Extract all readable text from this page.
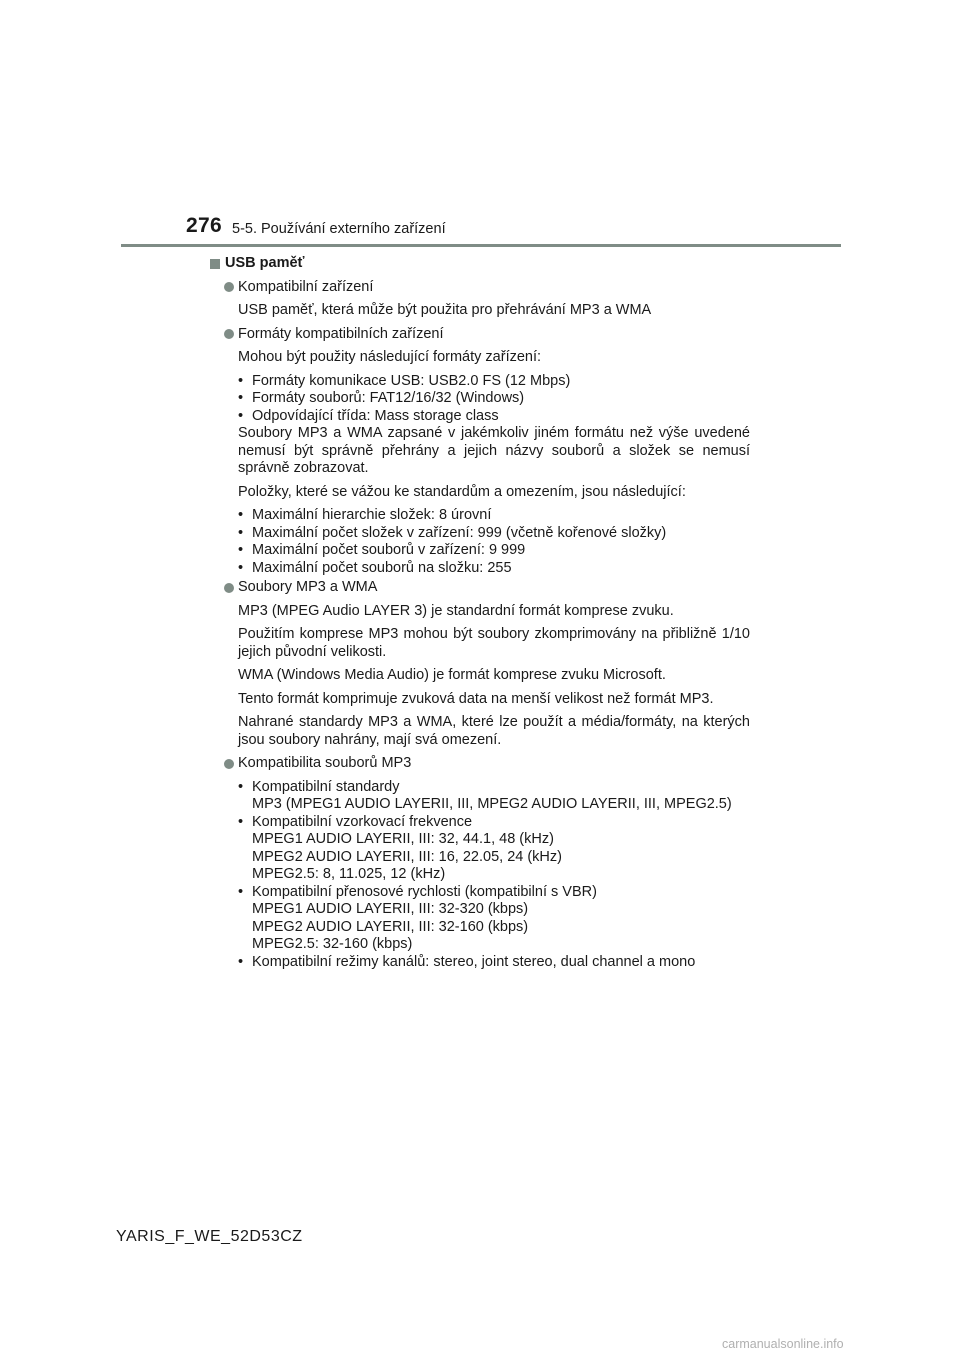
276 5-5. Používání externího zařízení
USB paměť
Kompatibilní zařízení
USB paměť, která může být použita pro přehrávání MP3 a WMA
Formáty kompatibilních zařízení
Mohou být použity následující formáty zařízení:
• Formáty komunikace USB: USB2.0 FS (12 Mbps)
• Formáty souborů: FAT12/16/32 (Windows)
• Odpovídající třída: Mass storage class
Soubory MP3 a WMA zapsané v jakémkoliv jiném formátu než výše uvedené nemusí být správně přehrány a jejich názvy souborů a složek se nemusí správně zobrazovat.
Položky, které se vážou ke standardům a omezením, jsou následující:
• Maximální hierarchie složek: 8 úrovní
• Maximální počet složek v zařízení: 999 (včetně kořenové složky)
• Maximální počet souborů v zařízení: 9 999
• Maximální počet souborů na složku: 255
Soubory MP3 a WMA
MP3 (MPEG Audio LAYER 3) je standardní formát komprese zvuku.
Použitím komprese MP3 mohou být soubory zkomprimovány na přibližně 1/10 jejich původní velikosti.
WMA (Windows Media Audio) je formát komprese zvuku Microsoft.
Tento formát komprimuje zvuková data na menší velikost než formát MP3.
Nahrané standardy MP3 a WMA, které lze použít a média/formáty, na kterých jsou soubory nahrány, mají svá omezení.
Kompatibilita souborů MP3
• Kompatibilní standardy
MP3 (MPEG1 AUDIO LAYERII, III, MPEG2 AUDIO LAYERII, III, MPEG2.5)
• Kompatibilní vzorkovací frekvence
MPEG1 AUDIO LAYERII, III: 32, 44.1, 48 (kHz)
MPEG2 AUDIO LAYERII, III: 16, 22.05, 24 (kHz)
MPEG2.5: 8, 11.025, 12 (kHz)
• Kompatibilní přenosové rychlosti (kompatibilní s VBR)
MPEG1 AUDIO LAYERII, III: 32-320 (kbps)
MPEG2 AUDIO LAYERII, III: 32-160 (kbps)
MPEG2.5: 32-160 (kbps)
• Kompatibilní režimy kanálů: stereo, joint stereo, dual channel a mono
YARIS_F_WE_52D53CZ
carmanualsonline.info
